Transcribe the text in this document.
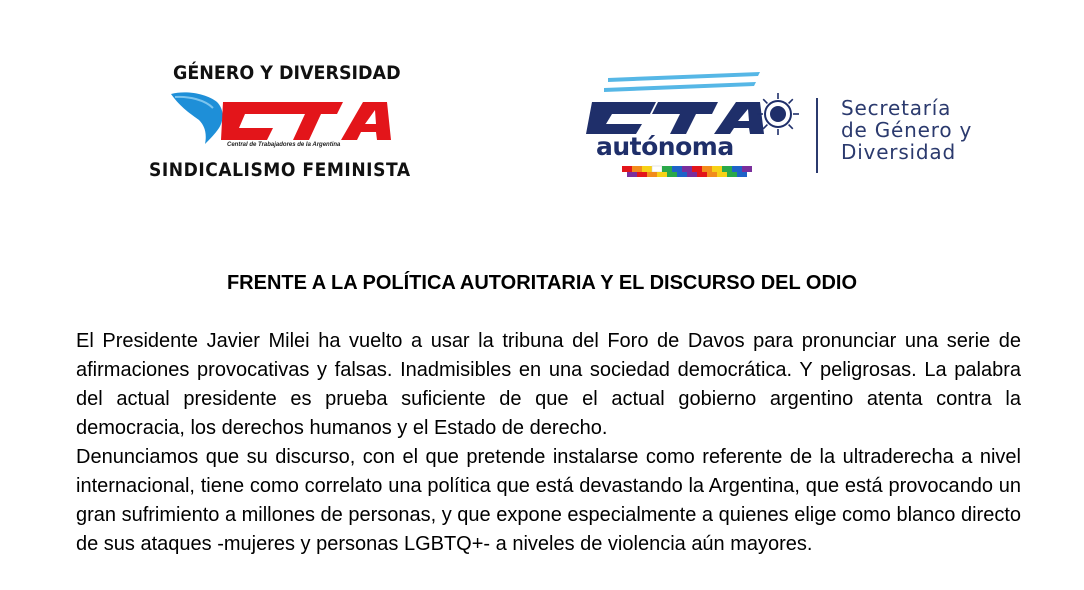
GÉNERO Y DIVERSIDAD
Central de Trabajadores de la Argentina
SINDICALISMO FEMINISTA
autónoma
Secretaría
de Género y
Diversidad
FRENTE A LA POLÍTICA AUTORITARIA Y EL DISCURSO DEL ODIO

El Presidente Javier Milei ha vuelto a usar la tribuna del Foro de Davos para pronunciar una serie de afirmaciones provocativas y falsas. Inadmisibles en una sociedad democrática. Y peligrosas. La palabra del actual presidente es prueba suficiente de que el actual gobierno argentino atenta contra la democracia, los derechos humanos y el Estado de derecho.

Denunciamos que su discurso, con el que pretende instalarse como referente de la ultraderecha a nivel internacional, tiene como correlato una política que está devastando la Argentina, que está provocando un gran sufrimiento a millones de personas, y que expone especialmente a quienes elige como blanco directo de sus ataques -mujeres y personas LGBTQ+- a niveles de violencia aún mayores.
